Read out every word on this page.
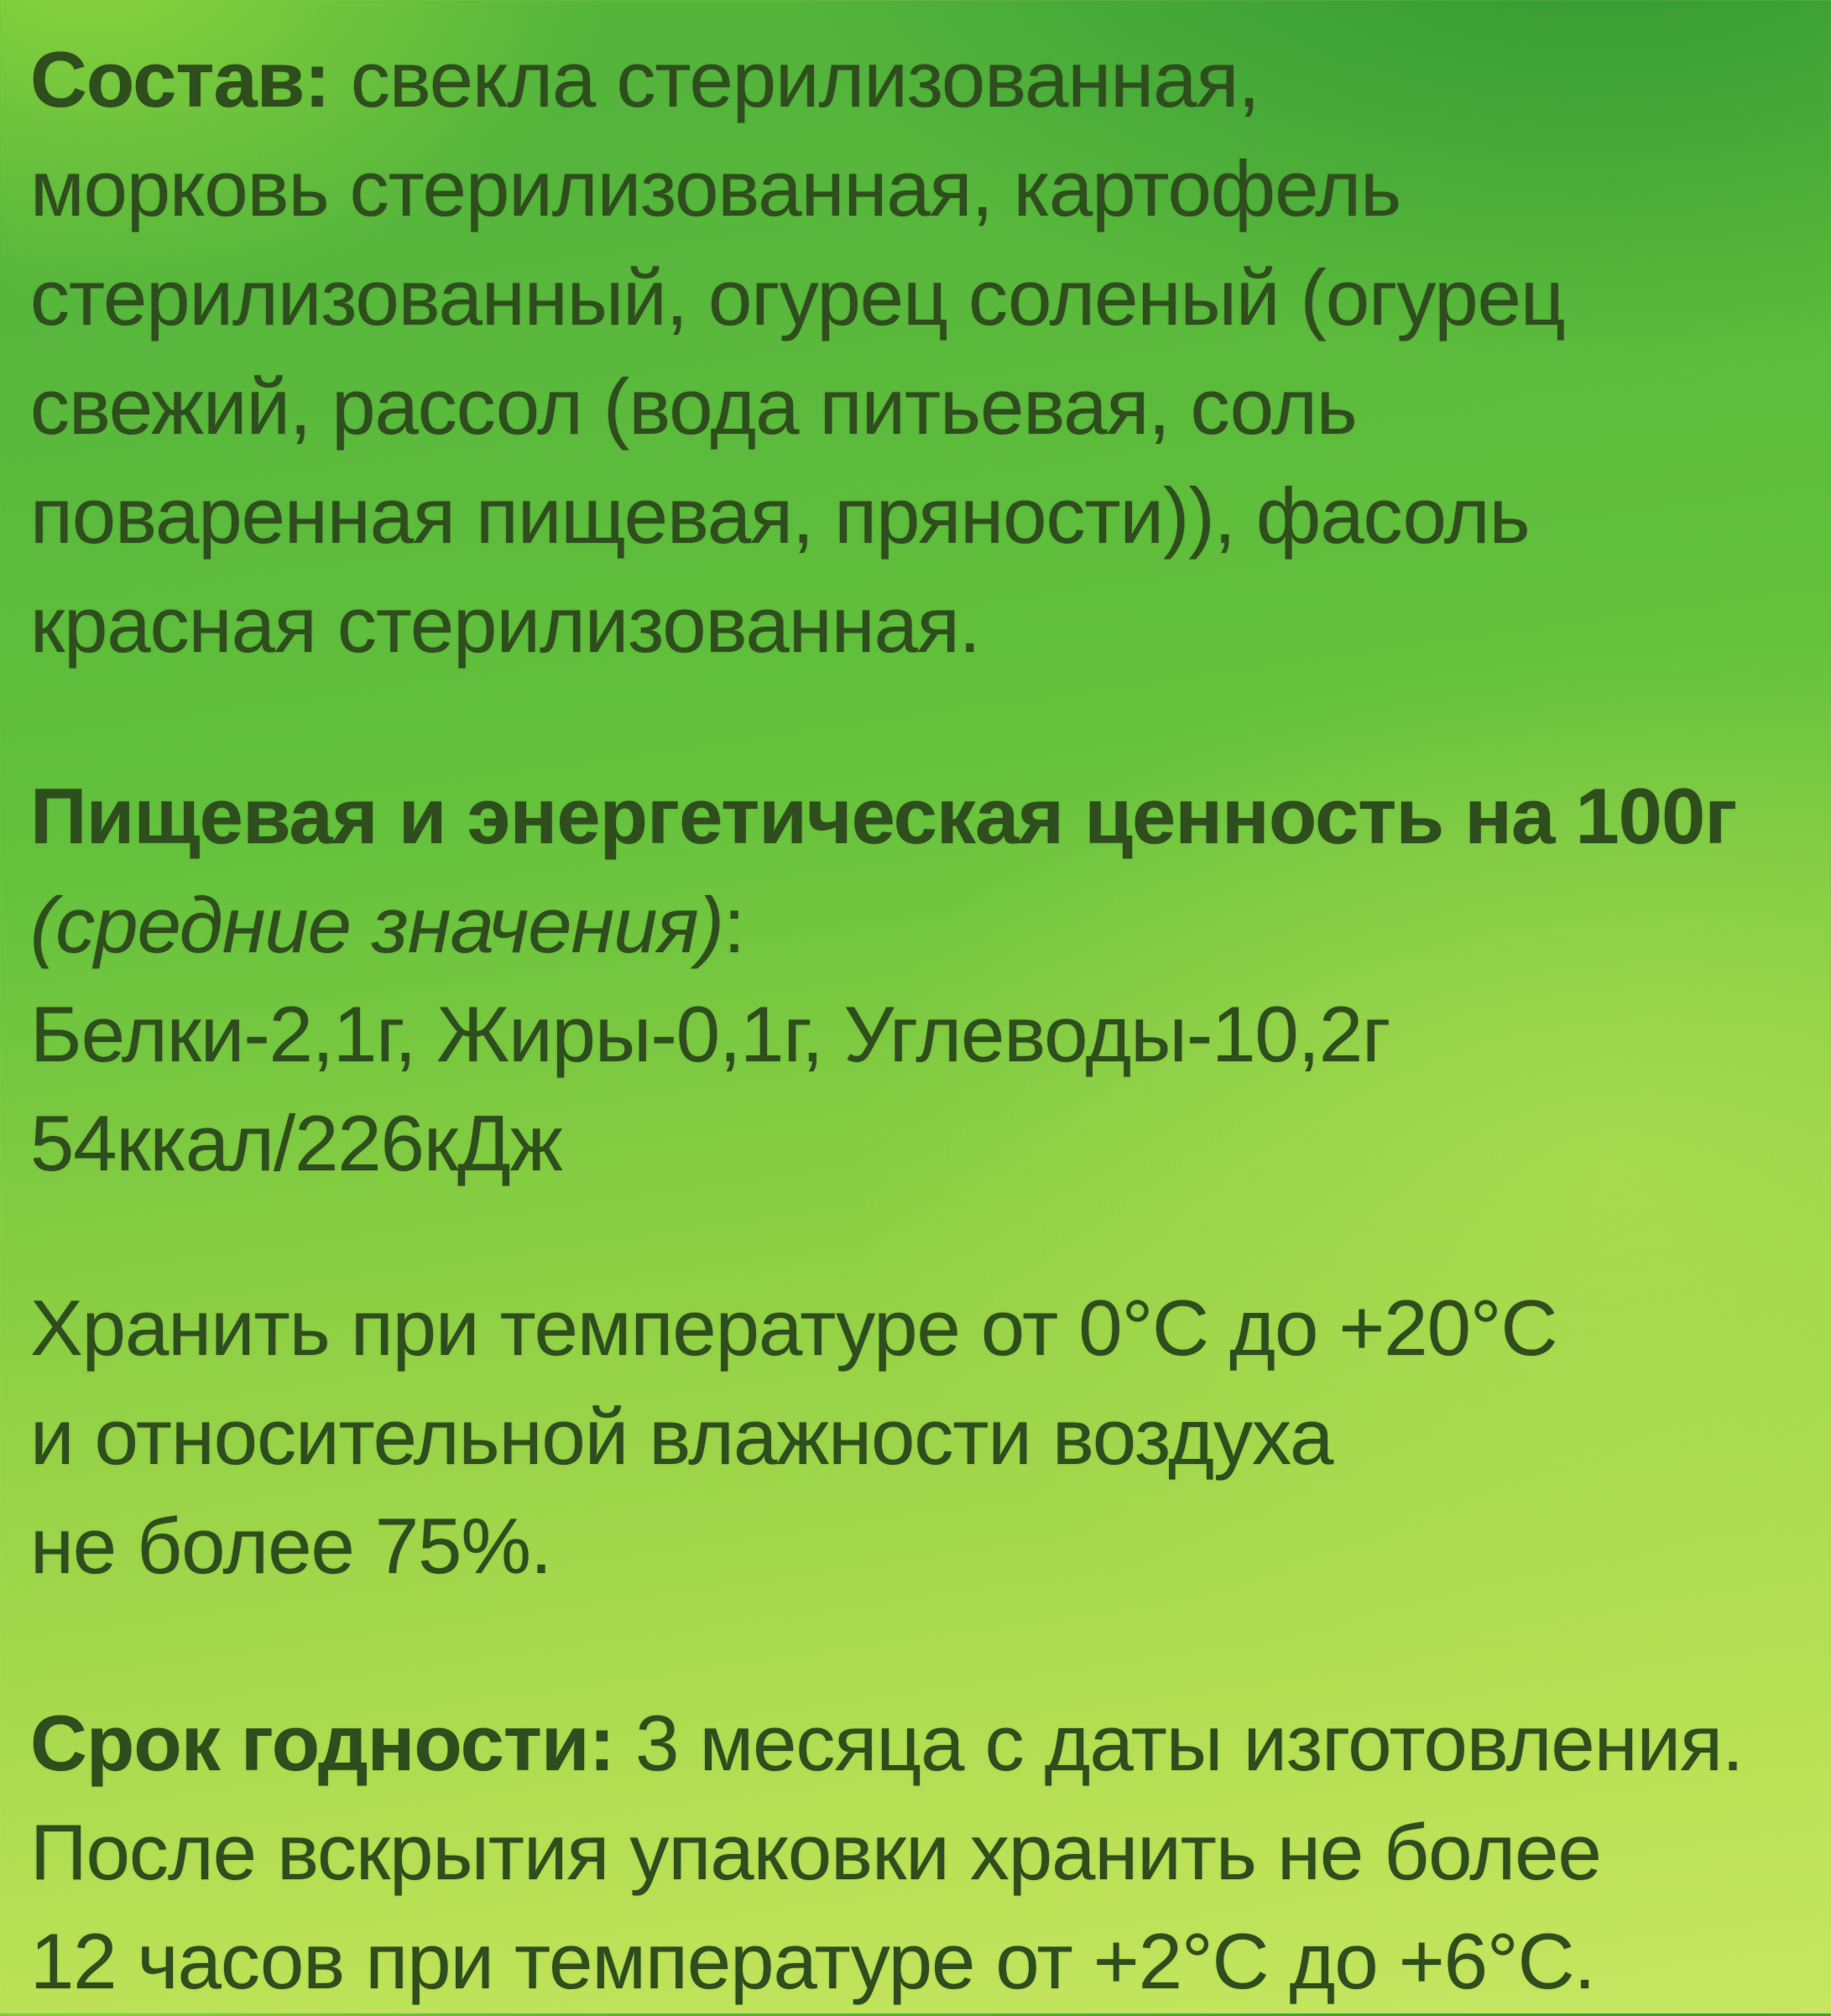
Состав: свекла стерилизованная,
морковь стерилизованная, картофель
стерилизованный, огурец соленый (огурец
свежий, рассол (вода питьевая, соль
поваренная пищевая, пряности)), фасоль
красная стерилизованная.
Пищевая и энергетическая ценность на 100г
(средние значения):
Белки-2,1г, Жиры-0,1г, Углеводы-10,2г
54ккал/226кДж
Хранить при температуре от 0°С до +20°С
и относительной влажности воздуха
не более 75%.
Срок годности: 3 месяца с даты изготовления.
После вскрытия упаковки хранить не более
12 часов при температуре от +2°С до +6°С.
